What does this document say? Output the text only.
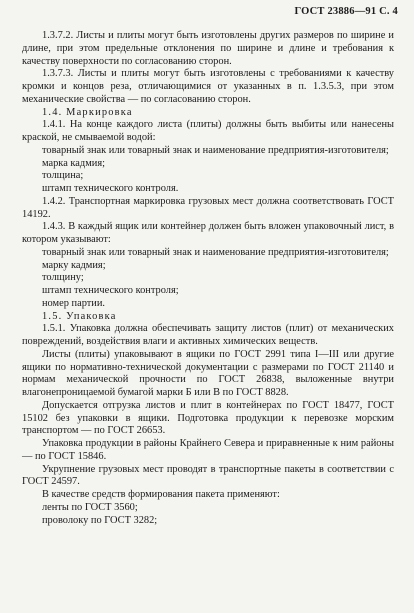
ГОСТ 23886—91 С. 4

1.3.7.2. Листы и плиты могут быть изготовлены других размеров по ширине и длине, при этом предельные отклонения по ширине и длине и требования к качеству поверхности по согласованию сторон.

1.3.7.3. Листы и плиты могут быть изготовлены с требованиями к качеству кромки и концов реза, отличающимися от указанных в п. 1.3.5.3, при этом механические свойства — по согласованию сторон.

1.4. Маркировка

1.4.1. На конце каждого листа (плиты) должны быть выбиты или нанесены краской, не смываемой водой:

товарный знак или товарный знак и наименование предприятия-изготовителя;

марка кадмия;

толщина;

штамп технического контроля.

1.4.2. Транспортная маркировка грузовых мест должна соответствовать ГОСТ 14192.

1.4.3. В каждый ящик или контейнер должен быть вложен упаковочный лист, в котором указывают:

товарный знак или товарный знак и наименование предприятия-изготовителя;

марку кадмия;

толщину;

штамп технического контроля;

номер партии.

1.5. Упаковка

1.5.1. Упаковка должна обеспечивать защиту листов (плит) от механических повреждений, воздействия влаги и активных химических веществ.

Листы (плиты) упаковывают в ящики по ГОСТ 2991 типа I—III или другие ящики по нормативно-технической документации с размерами по ГОСТ 21140 и нормам механической прочности по ГОСТ 26838, выложенные внутри влагонепроницаемой бумагой марки Б или В по ГОСТ 8828.

Допускается отгрузка листов и плит в контейнерах по ГОСТ 18477, ГОСТ 15102 без упаковки в ящики. Подготовка продукции к перевозке морским транспортом — по ГОСТ 26653.

Упаковка продукции в районы Крайнего Севера и приравненные к ним районы — по ГОСТ 15846.

Укрупнение грузовых мест проводят в транспортные пакеты в соответствии с ГОСТ 24597.

В качестве средств формирования пакета применяют:

ленты по ГОСТ 3560;

проволоку по ГОСТ 3282;
